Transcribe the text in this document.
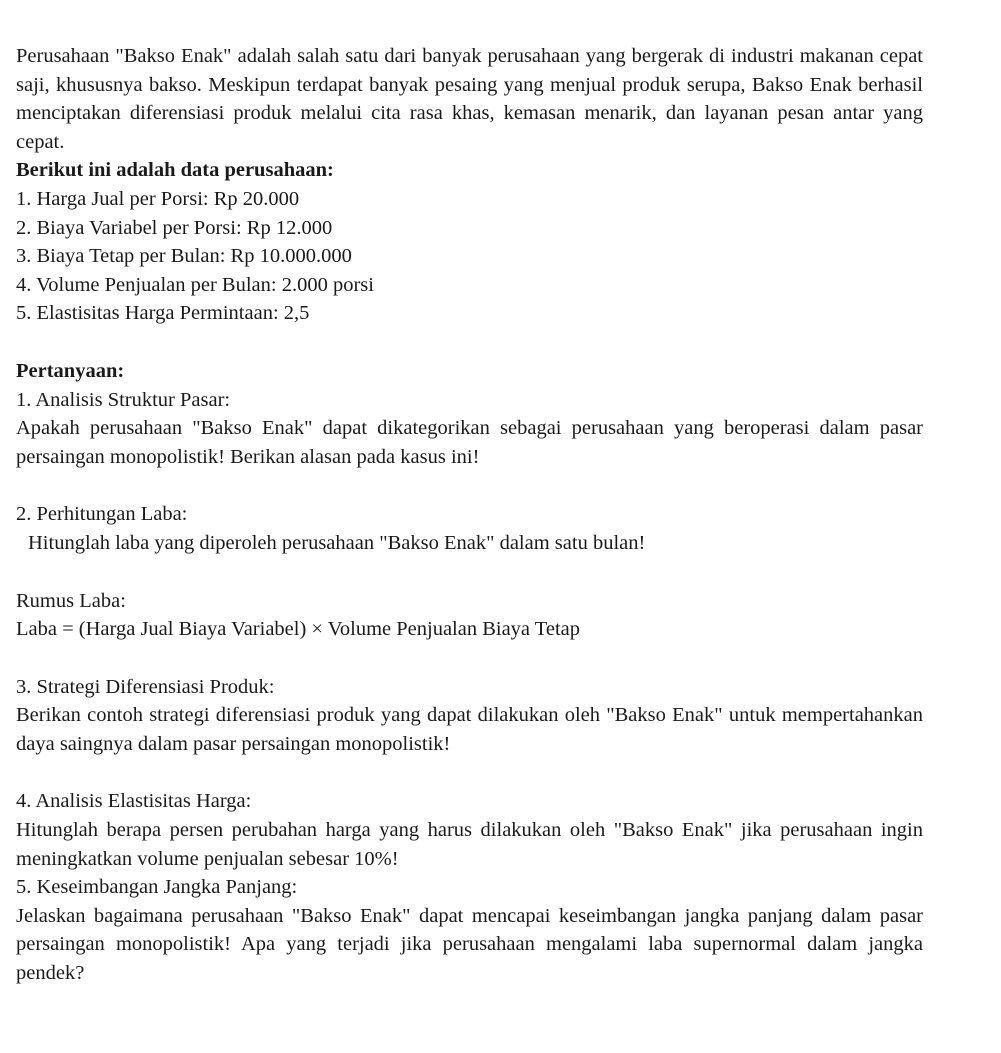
Perusahaan "Bakso Enak" adalah salah satu dari banyak perusahaan yang bergerak di industri makanan cepat saji, khususnya bakso. Meskipun terdapat banyak pesaing yang menjual produk serupa, Bakso Enak berhasil menciptakan diferensiasi produk melalui cita rasa khas, kemasan menarik, dan layanan pesan antar yang cepat.

Berikut ini adalah data perusahaan:

1. Harga Jual per Porsi: Rp 20.000
2. Biaya Variabel per Porsi: Rp 12.000
3. Biaya Tetap per Bulan: Rp 10.000.000
4. Volume Penjualan per Bulan: 2.000 porsi
5. Elastisitas Harga Permintaan: 2,5

Pertanyaan:

1. Analisis Struktur Pasar:

Apakah perusahaan "Bakso Enak" dapat dikategorikan sebagai perusahaan yang beroperasi dalam pasar persaingan monopolistik! Berikan alasan pada kasus ini!

2. Perhitungan Laba:

Hitunglah laba yang diperoleh perusahaan "Bakso Enak" dalam satu bulan!

Rumus Laba:

Laba = (Harga Jual Biaya Variabel) × Volume Penjualan Biaya Tetap

3. Strategi Diferensiasi Produk:

Berikan contoh strategi diferensiasi produk yang dapat dilakukan oleh "Bakso Enak" untuk mempertahankan daya saingnya dalam pasar persaingan monopolistik!

4. Analisis Elastisitas Harga:

Hitunglah berapa persen perubahan harga yang harus dilakukan oleh "Bakso Enak" jika perusahaan ingin meningkatkan volume penjualan sebesar 10%!

5. Keseimbangan Jangka Panjang:

Jelaskan bagaimana perusahaan "Bakso Enak" dapat mencapai keseimbangan jangka panjang dalam pasar persaingan monopolistik! Apa yang terjadi jika perusahaan mengalami laba supernormal dalam jangka pendek?
